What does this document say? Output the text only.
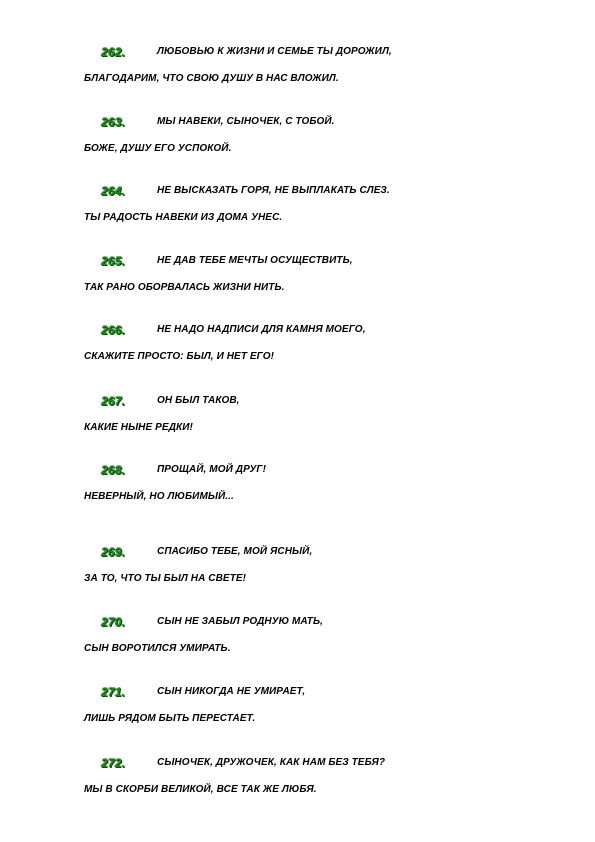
262.	ЛЮБОВЬЮ К ЖИЗНИ И СЕМЬЕ ТЫ ДОРОЖИЛ,
БЛАГОДАРИМ, ЧТО СВОЮ ДУШУ В НАС ВЛОЖИЛ.
263.	МЫ НАВЕКИ, СЫНОЧЕК, С ТОБОЙ.
БОЖЕ, ДУШУ ЕГО УСПОКОЙ.
264.	НЕ ВЫСКАЗАТЬ ГОРЯ, НЕ ВЫПЛАКАТЬ СЛЕЗ.
ТЫ РАДОСТЬ НАВЕКИ ИЗ ДОМА УНЕС.
265.	НЕ ДАВ ТЕБЕ МЕЧТЫ ОСУЩЕСТВИТЬ,
ТАК РАНО ОБОРВАЛАСЬ ЖИЗНИ НИТЬ.
266.	НЕ НАДО НАДПИСИ ДЛЯ КАМНЯ МОЕГО,
СКАЖИТЕ ПРОСТО: БЫЛ, И НЕТ ЕГО!
267.	ОН БЫЛ ТАКОВ,
КАКИЕ НЫНЕ РЕДКИ!
268.	ПРОЩАЙ, МОЙ ДРУГ!
НЕВЕРНЫЙ, НО ЛЮБИМЫЙ...
269.	СПАСИБО ТЕБЕ, МОЙ ЯСНЫЙ,
ЗА ТО, ЧТО ТЫ БЫЛ НА СВЕТЕ!
270.	СЫН НЕ ЗАБЫЛ РОДНУЮ МАТЬ,
СЫН ВОРОТИЛСЯ УМИРАТЬ.
271.	СЫН НИКОГДА НЕ УМИРАЕТ,
ЛИШЬ РЯДОМ БЫТЬ ПЕРЕСТАЕТ.
272.	СЫНОЧЕК, ДРУЖОЧЕК, КАК НАМ БЕЗ ТЕБЯ?
МЫ В СКОРБИ ВЕЛИКОЙ, ВСЕ ТАК ЖЕ ЛЮБЯ.
